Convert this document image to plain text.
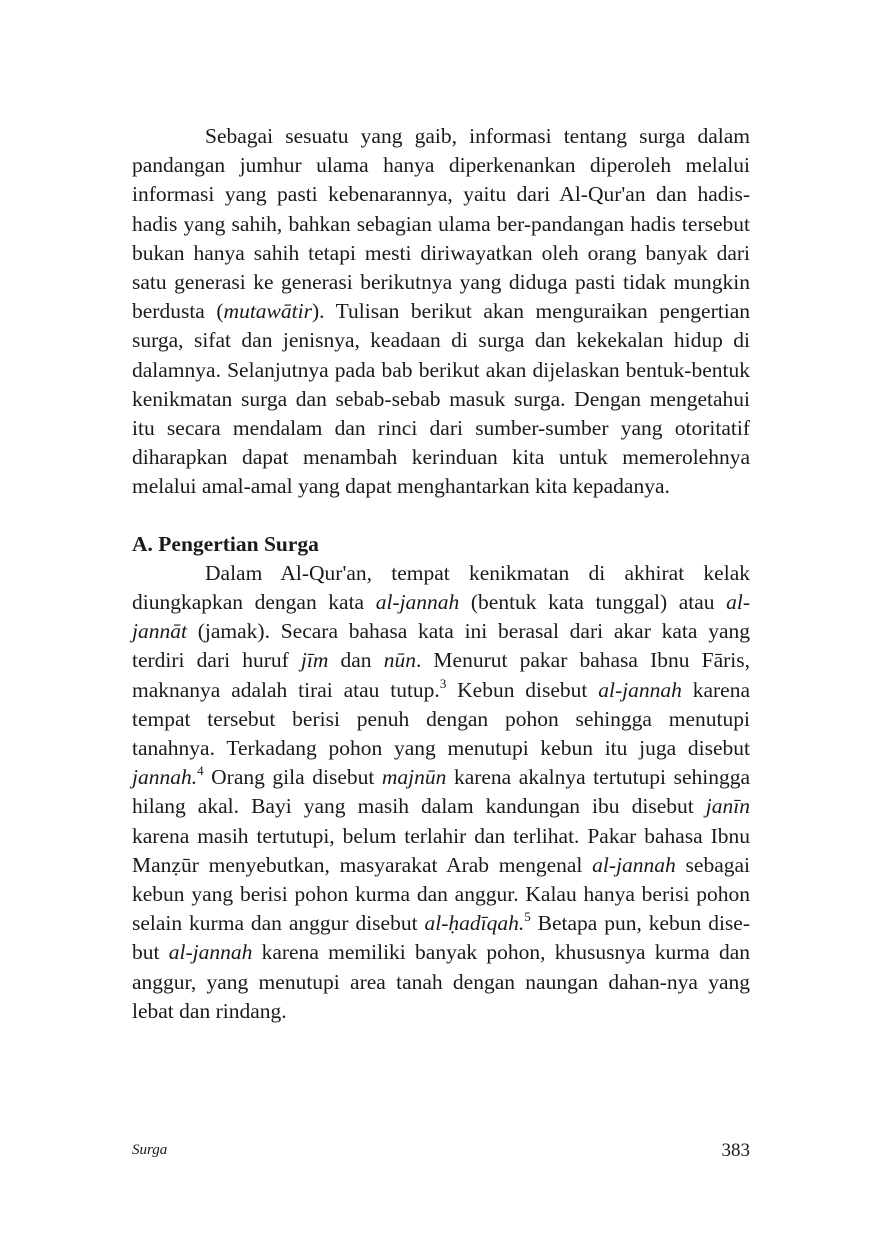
Sebagai sesuatu yang gaib, informasi tentang surga dalam pandangan jumhur ulama hanya diperkenankan diperoleh melalui informasi yang pasti kebenarannya, yaitu dari Al-Qur'an dan hadis-hadis yang sahih, bahkan sebagian ulama ber-pandangan hadis tersebut bukan hanya sahih tetapi mesti diriwayatkan oleh orang banyak dari satu generasi ke generasi berikutnya yang diduga pasti tidak mungkin berdusta (mutawātir). Tulisan berikut akan menguraikan pengertian surga, sifat dan jenisnya, keadaan di surga dan kekekalan hidup di dalamnya. Selanjutnya pada bab berikut akan dijelaskan bentuk-bentuk kenikmatan surga dan sebab-sebab masuk surga. Dengan mengetahui itu secara mendalam dan rinci dari sumber-sumber yang otoritatif diharapkan dapat menambah kerinduan kita untuk memerolehnya melalui amal-amal yang dapat menghantarkan kita kepadanya.

A. Pengertian Surga

Dalam Al-Qur'an, tempat kenikmatan di akhirat kelak diungkapkan dengan kata al-jannah (bentuk kata tunggal) atau al-jannāt (jamak). Secara bahasa kata ini berasal dari akar kata yang terdiri dari huruf jīm dan nūn. Menurut pakar bahasa Ibnu Fāris, maknanya adalah tirai atau tutup.$^3$ Kebun disebut al-jannah karena tempat tersebut berisi penuh dengan pohon sehingga menutupi tanahnya. Terkadang pohon yang menutupi kebun itu juga disebut jannah.$^4$ Orang gila disebut majnūn karena akalnya tertutupi sehingga hilang akal. Bayi yang masih dalam kandungan ibu disebut janīn karena masih tertutupi, belum terlahir dan terlihat. Pakar bahasa Ibnu Manẓūr menyebutkan, masyarakat Arab mengenal al-jannah sebagai kebun yang berisi pohon kurma dan anggur. Kalau hanya berisi pohon selain kurma dan anggur disebut al-ḥadīqah.$^5$ Betapa pun, kebun dise-but al-jannah karena memiliki banyak pohon, khususnya kurma dan anggur, yang menutupi area tanah dengan naungan dahan-nya yang lebat dan rindang.

Surga	383
